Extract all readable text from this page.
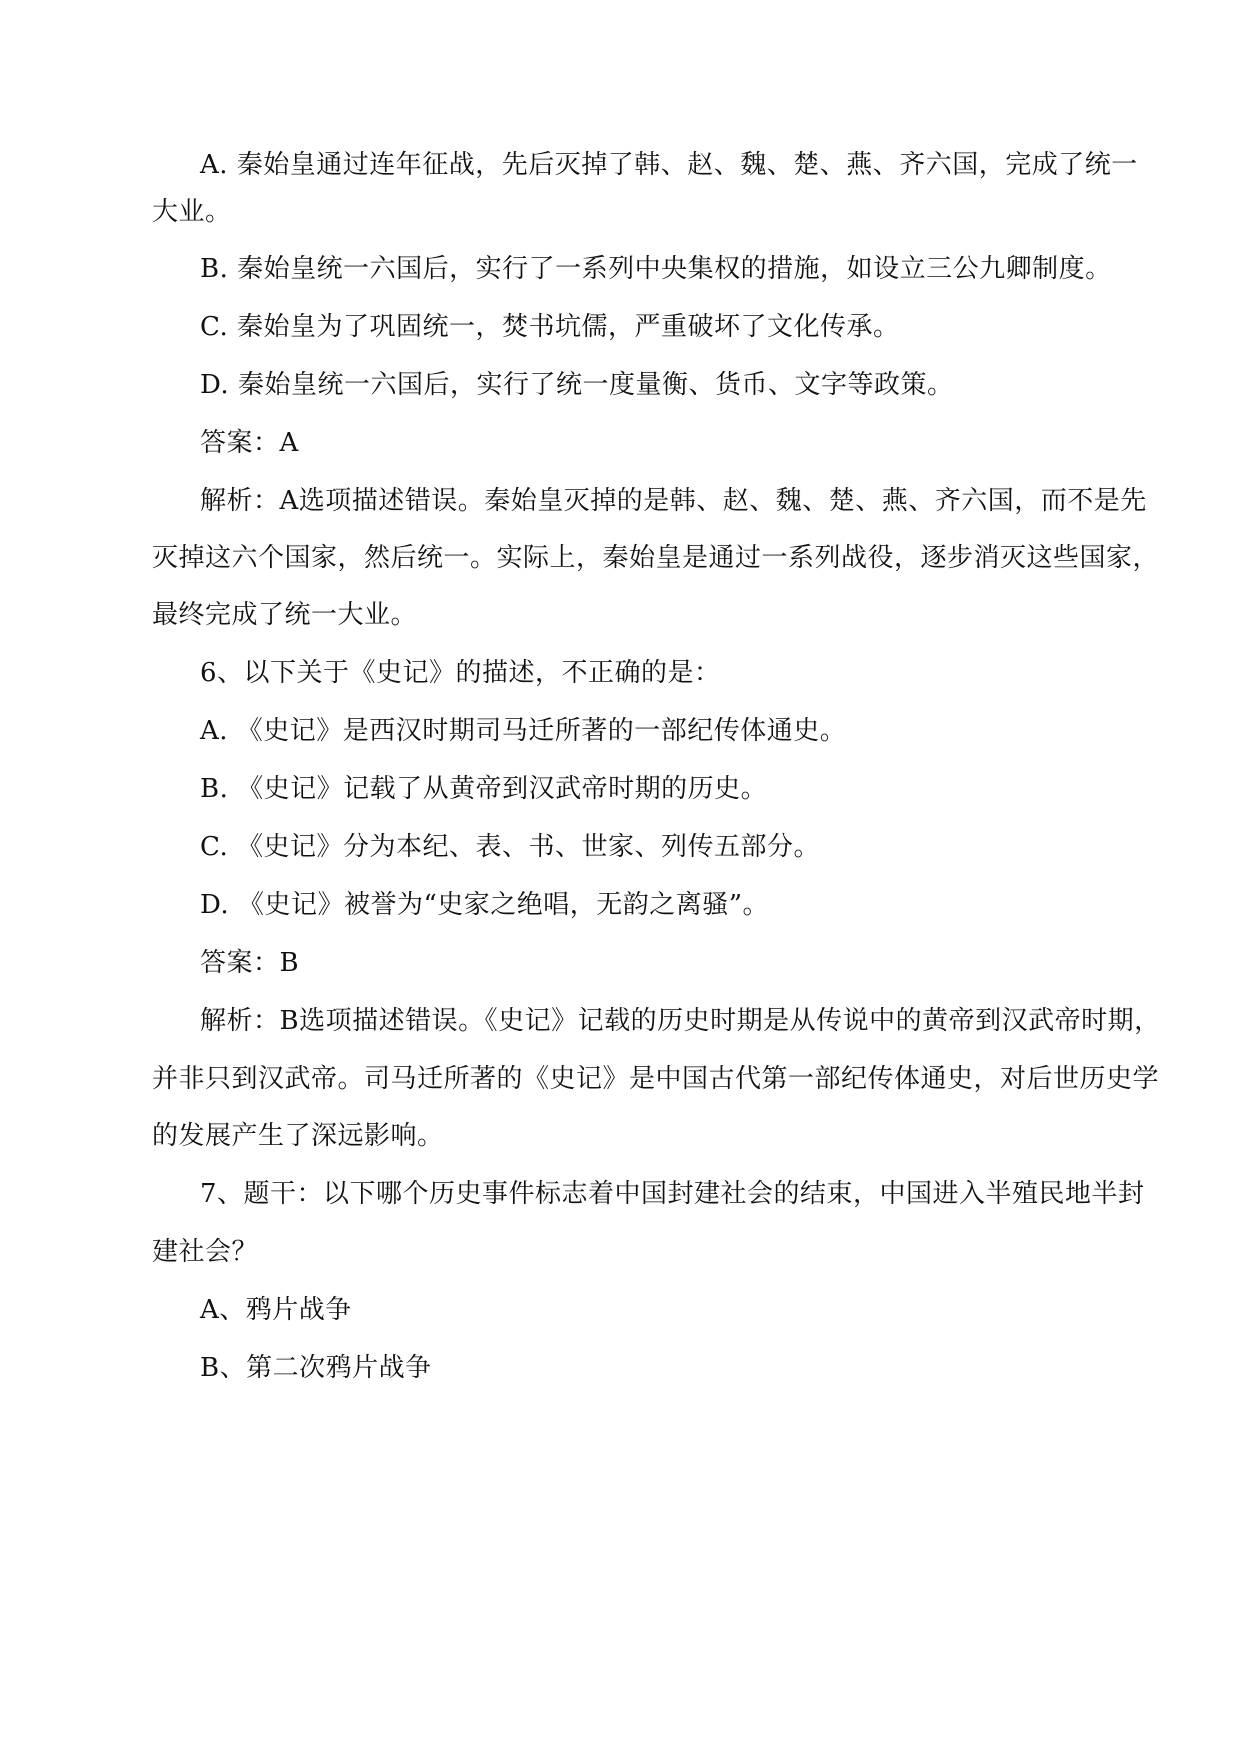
A. 秦始皇通过连年征战，先后灭掉了韩、赵、魏、楚、燕、齐六国，完成了统一
大业。
B. 秦始皇统一六国后，实行了一系列中央集权的措施，如设立三公九卿制度。
C. 秦始皇为了巩固统一，焚书坑儒，严重破坏了文化传承。
D. 秦始皇统一六国后，实行了统一度量衡、货币、文字等政策。
答案：A
解析：A选项描述错误。秦始皇灭掉的是韩、赵、魏、楚、燕、齐六国，而不是先
灭掉这六个国家，然后统一。实际上，秦始皇是通过一系列战役，逐步消灭这些国家，
最终完成了统一大业。
6、以下关于《史记》的描述，不正确的是：
A. 《史记》是西汉时期司马迁所著的一部纪传体通史。
B. 《史记》记载了从黄帝到汉武帝时期的历史。
C. 《史记》分为本纪、表、书、世家、列传五部分。
D. 《史记》被誉为“史家之绝唱，无韵之离骚”。
答案：B
解析：B选项描述错误。《史记》记载的历史时期是从传说中的黄帝到汉武帝时期，
并非只到汉武帝。司马迁所著的《史记》是中国古代第一部纪传体通史，对后世历史学
的发展产生了深远影响。
7、题干：以下哪个历史事件标志着中国封建社会的结束，中国进入半殖民地半封
建社会？
A、鸦片战争
B、第二次鸦片战争
